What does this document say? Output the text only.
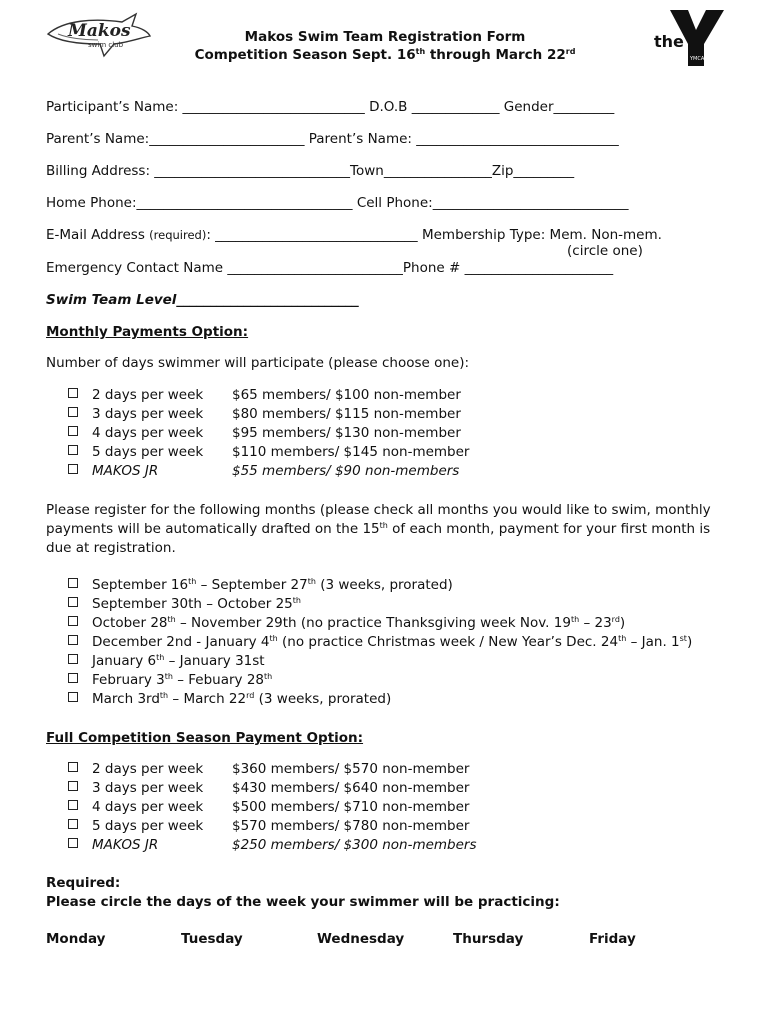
Makos
swim club	the
YMCA
Makos Swim Team Registration Form
Competition Season Sept. 16th through March 22rd
Participant’s Name: ___________________________ D.O.B _____________ Gender_________
Parent’s Name:_______________________ Parent’s Name: ______________________________
Billing Address: _____________________________Town________________Zip_________
Home Phone:________________________________ Cell Phone:_____________________________
E-Mail Address (required): ______________________________ Membership Type: Mem. Non-mem.
(circle one)
Emergency Contact Name __________________________Phone # ______________________
Swim Team Level___________________________
Monthly Payments Option:
Number of days swimmer will participate (please choose one):
2 days per week $65 members/ $100 non-member
3 days per week $80 members/ $115 non-member
4 days per week $95 members/ $130 non-member
5 days per week $110 members/ $145 non-member
MAKOS JR	$55 members/ $90 non-members
Please register for the following months (please check all months you would like to swim, monthly
payments will be automatically drafted on the 15th of each month, payment for your first month is
due at registration.
September 16th – September 27th (3 weeks, prorated)
September 30th – October 25th
October 28th – November 29th (no practice Thanksgiving week Nov. 19th – 23rd)
December 2nd - January 4th (no practice Christmas week / New Year’s Dec. 24th – Jan. 1st)
January 6th – January 31st
February 3th – Febuary 28th
March $3rd^{th}$ – March 22rd (3 weeks, prorated)
Full Competition Season Payment Option:
2 days per week $360 members/ $570 non-member
3 days per week $430 members/ $640 non-member
4 days per week $500 members/ $710 non-member
5 days per week $570 members/ $780 non-member
MAKOS JR	$250 members/ $300 non-members
Required:
Please circle the days of the week your swimmer will be practicing:
Monday	Tuesday	Wednesday	Thursday	Friday
